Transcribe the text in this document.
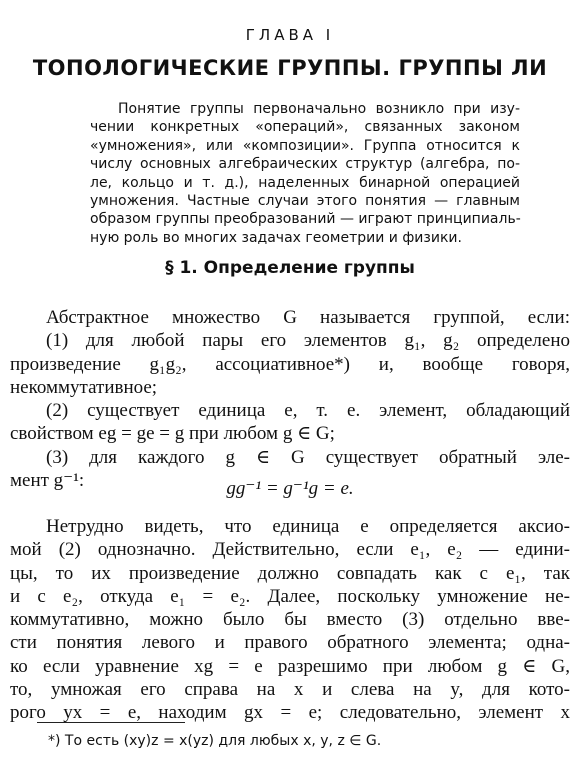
ГЛАВА I
ТОПОЛОГИЧЕСКИЕ ГРУППЫ. ГРУППЫ ЛИ
Понятие группы первоначально возникло при изу-
чении конкретных «операций», связанных законом
«умножения», или «композиции». Группа относится к
числу основных алгебраических структур (алгебра, по-
ле, кольцо и т. д.), наделенных бинарной операцией
умножения. Частные случаи этого понятия — главным
образом группы преобразований — играют принципиаль-
ную роль во многих задачах геометрии и физики.
§ 1. Определение группы
Абстрактное множество G называется группой, если:
(1) для любой пары его элементов g₁, g₂ определено
произведение g₁g₂, ассоциативное*) и, вообще говоря,
некоммутативное;
(2) существует единица e, т. е. элемент, обладающий
свойством eg = ge = g при любом g ∈ G;
(3) для каждого g ∈ G существует обратный эле-
мент g⁻¹:	gg⁻¹ = g⁻¹g = e.
Нетрудно видеть, что единица e определяется аксио-
мой (2) однозначно. Действительно, если e₁, e₂ — едини-
цы, то их произведение должно совпадать как с e₁, так
и с e₂, откуда e₁ = e₂. Далее, поскольку умножение не-
коммутативно, можно было бы вместо (3) отдельно вве-
сти понятия левого и правого обратного элемента; одна-
ко если уравнение xg = e разрешимо при любом g ∈ G,
то, умножая его справа на x и слева на y, для кото-
рого yx = e, находим gx = e; следовательно, элемент x
*) То есть (xy)z = x(yz) для любых x, y, z ∈ G.
